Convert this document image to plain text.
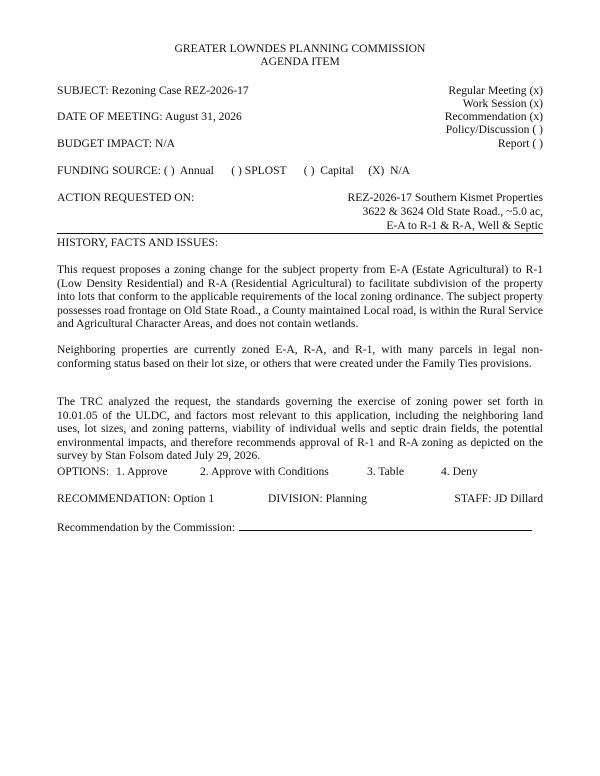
GREATER LOWNDES PLANNING COMMISSION
AGENDA ITEM
SUBJECT: Rezoning Case REZ-2026-17	Regular Meeting (x)
Work Session (x)
DATE OF MEETING: August 31, 2026	Recommendation (x)
Policy/Discussion ( )
BUDGET IMPACT: N/A	Report ( )
FUNDING SOURCE: ( )  Annual      ( ) SPLOST      ( )  Capital     (X)  N/A
ACTION REQUESTED ON:	REZ-2026-17 Southern Kismet Properties
3622 & 3624 Old State Road., ~5.0 ac,
E-A to R-1 & R-A, Well & Septic
HISTORY, FACTS AND ISSUES:
This request proposes a zoning change for the subject property from E-A (Estate Agricultural) to R-1 (Low Density Residential) and R-A (Residential Agricultural) to facilitate subdivision of the property into lots that conform to the applicable requirements of the local zoning ordinance. The subject property possesses road frontage on Old State Road., a County maintained Local road, is within the Rural Service and Agricultural Character Areas, and does not contain wetlands.
Neighboring properties are currently zoned E-A, R-A, and R-1, with many parcels in legal non-conforming status based on their lot size, or others that were created under the Family Ties provisions.
The TRC analyzed the request, the standards governing the exercise of zoning power set forth in 10.01.05 of the ULDC, and factors most relevant to this application, including the neighboring land uses, lot sizes, and zoning patterns, viability of individual wells and septic drain fields, the potential environmental impacts, and therefore recommends approval of R-1 and R-A zoning as depicted on the survey by Stan Folsom dated July 29, 2026.
OPTIONS: 1. Approve	2. Approve with Conditions	3. Table	4. Deny
RECOMMENDATION: Option 1	DIVISION: Planning	STAFF: JD Dillard
Recommendation by the Commission:
